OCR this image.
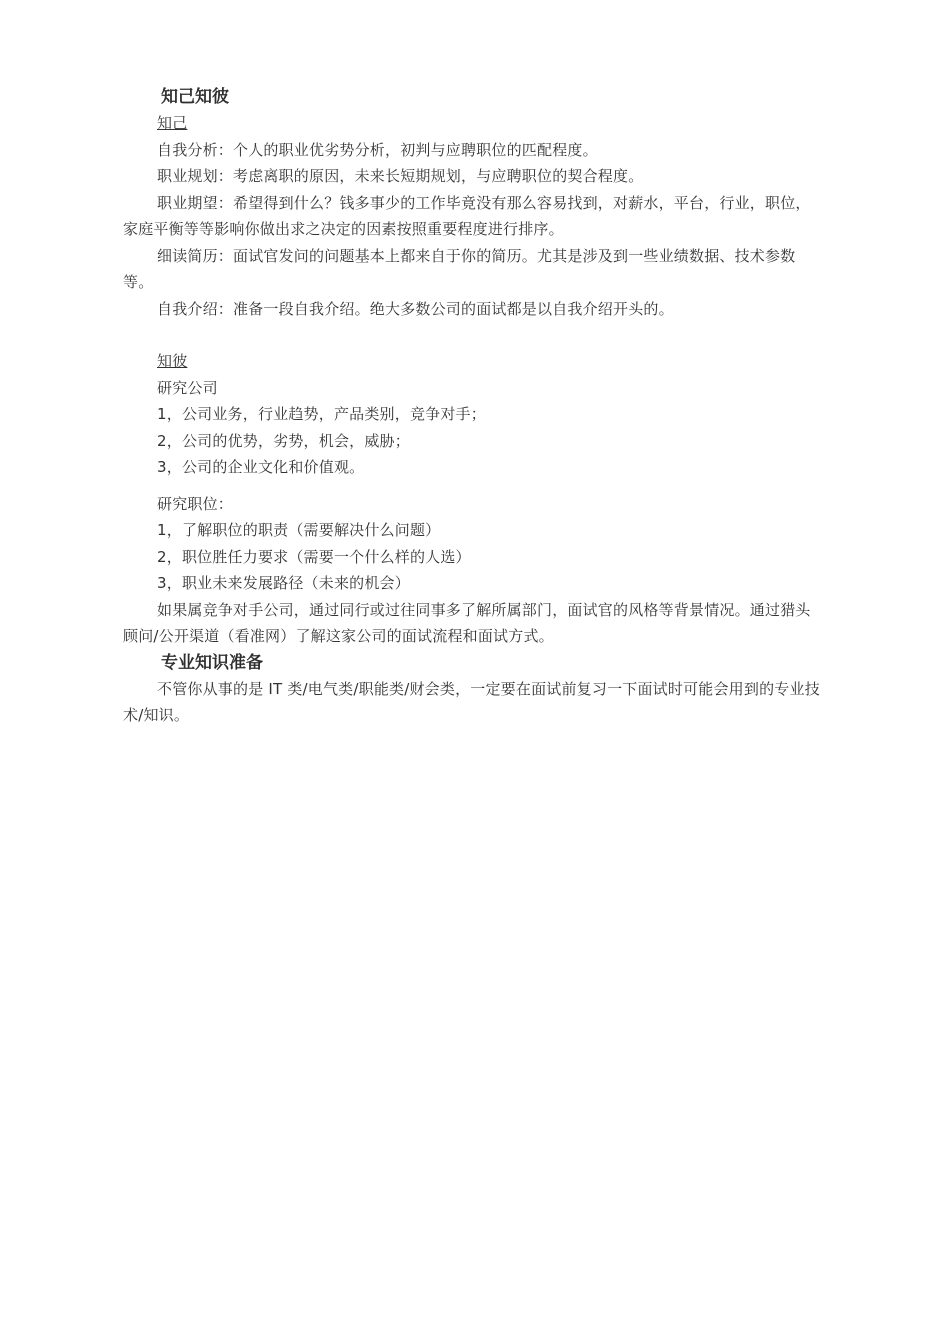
知己知彼

知己

自我分析：个人的职业优劣势分析，初判与应聘职位的匹配程度。

职业规划：考虑离职的原因，未来长短期规划，与应聘职位的契合程度。

职业期望：希望得到什么？钱多事少的工作毕竟没有那么容易找到，对薪水，平台，行业，职位，家庭平衡等等影响你做出求之决定的因素按照重要程度进行排序。

细读简历：面试官发问的问题基本上都来自于你的简历。尤其是涉及到一些业绩数据、技术参数等。

自我介绍：准备一段自我介绍。绝大多数公司的面试都是以自我介绍开头的。

知彼

研究公司

1，公司业务，行业趋势，产品类别，竞争对手；

2，公司的优势，劣势，机会，威胁；

3，公司的企业文化和价值观。

研究职位：

1，了解职位的职责（需要解决什么问题）

2，职位胜任力要求（需要一个什么样的人选）

3，职业未来发展路径（未来的机会）

如果属竞争对手公司，通过同行或过往同事多了解所属部门，面试官的风格等背景情况。通过猎头顾问/公开渠道（看准网）了解这家公司的面试流程和面试方式。

专业知识准备

不管你从事的是 IT 类/电气类/职能类/财会类，一定要在面试前复习一下面试时可能会用到的专业技术/知识。
